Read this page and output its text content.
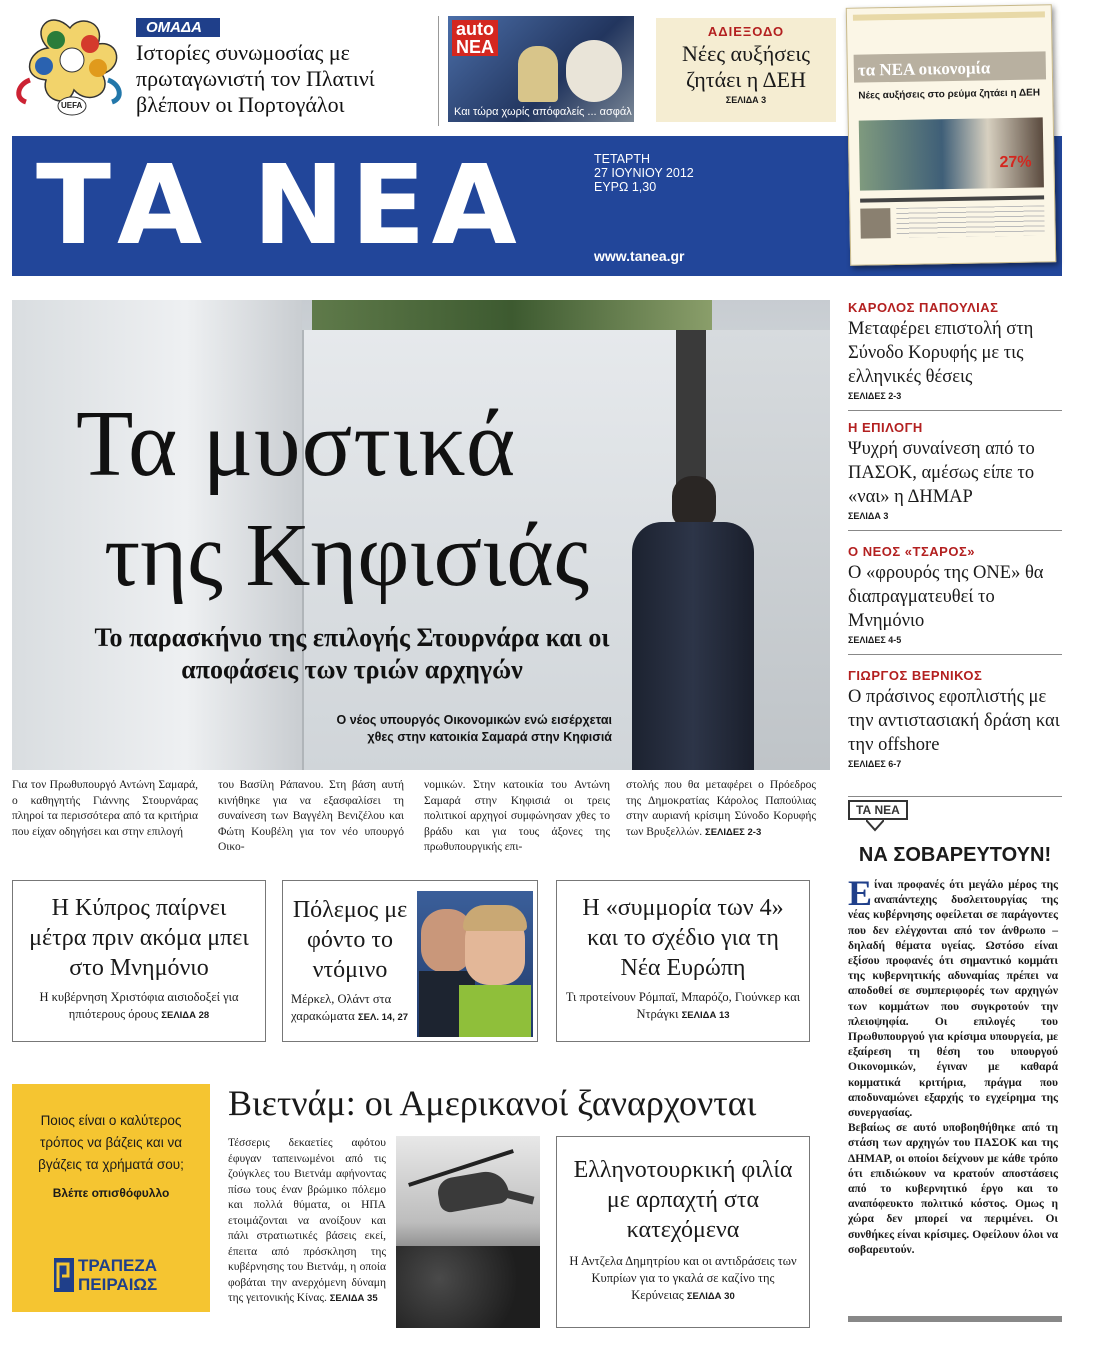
UEFA
ΟΜΑΔΑ
Ιστορίες συνωμοσίας με πρωταγωνιστή τον Πλατινί βλέπουν οι Πορτογάλοι
auto
ΝΕΑ
Και τώρα χωρίς απόφαλείς ... ασφάλ
ΑΔΙΕΞΟΔΟ
Νέες αυξήσεις ζητάει η ΔΕΗ
ΣΕΛΙΔΑ 3
ΤΑ ΝΕΑ	ΤΕΤΑΡΤΗ
27 ΙΟΥΝΙΟΥ 2012
ΕΥΡΩ 1,30
www.tanea.gr
τα ΝΕΑ οικονομία
Νέες αυξήσεις στο ρεύμα ζητάει η ΔΕΗ
27%
Τα μυστικά
της Κηφισιάς
Το παρασκήνιο της επιλογής Στουρνάρα και οι αποφάσεις των τριών αρχηγών
Ο νέος υπουργός Οικονομικών ενώ εισέρχεται χθες στην κατοικία Σαμαρά στην Κηφισιά
ΚΑΡΟΛΟΣ ΠΑΠΟΥΛΙΑΣ
Μεταφέρει επιστολή στη Σύνοδο Κορυφής με τις ελληνικές θέσεις
ΣΕΛΙΔΕΣ 2-3
Η ΕΠΙΛΟΓΗ
Ψυχρή συναίνεση από το ΠΑΣΟΚ, αμέσως είπε το «ναι» η ΔΗΜΑΡ
ΣΕΛΙΔΑ 3
Ο ΝΕΟΣ «ΤΣΑΡΟΣ»
Ο «φρουρός της ΟΝΕ» θα διαπραγματευθεί το Μνημόνιο
ΣΕΛΙΔΕΣ 4-5
ΓΙΩΡΓΟΣ ΒΕΡΝΙΚΟΣ
Ο πράσινος εφοπλιστής με την αντιστασιακή δράση και την offshore
ΣΕΛΙΔΕΣ 6-7
Για τον Πρωθυπουργό Αντώνη Σαμαρά, ο καθηγητής Γιάννης Στουρνάρας πληροί τα περισσότερα από τα κριτήρια που είχαν οδηγήσει και στην επιλογή
του Βασίλη Ράπανου. Στη βάση αυτή κινήθηκε για να εξασφαλίσει τη συναίνεση των Βαγγέλη Βενιζέλου και Φώτη Κουβέλη για τον νέο υπουργό Οικο-
νομικών. Στην κατοικία του Αντώνη Σαμαρά στην Κηφισιά οι τρεις πολιτικοί αρχηγοί συμφώνησαν χθες το βράδυ και για τους άξονες της πρωθυπουργικής επι-
στολής που θα μεταφέρει ο Πρόεδρος της Δημοκρατίας Κάρολος Παπούλιας στην αυριανή κρίσιμη Σύνοδο Κορυφής των Βρυξελλών. ΣΕΛΙΔΕΣ 2-3
Η Κύπρος παίρνει μέτρα πριν ακόμα μπει στο Μνημόνιο
Η κυβέρνηση Χριστόφια αισιοδοξεί για ηπιότερους όρους ΣΕΛΙΔΑ 28
Πόλεμος με φόντο το ντόμινο
Μέρκελ, Ολάντ στα χαρακώματα ΣΕΛ. 14, 27
Η «συμμορία των 4» και το σχέδιο για τη Νέα Ευρώπη
Τι προτείνουν Ρόμπαϊ, Μπαρόζο, Γιούνκερ και Ντράγκι ΣΕΛΙΔΑ 13
Ποιος είναι ο καλύτερος τρόπος να βάζεις και να βγάζεις τα χρήματά σου;
Βλέπε οπισθόφυλλο
ΤΡΑΠΕΖΑ
ΠΕΙΡΑΙΩΣ
Βιετνάμ: οι Αμερικανοί ξαναρχονται
Τέσσερις δεκαετίες αφότου έφυγαν ταπεινωμένοι από τις ζούγκλες του Βιετνάμ αφήνοντας πίσω τους έναν βρώμικο πόλεμο και πολλά θύματα, οι ΗΠΑ ετοιμάζονται να ανοίξουν και πάλι στρατιωτικές βάσεις εκεί, έπειτα από πρόσκληση της κυβέρνησης του Βιετνάμ, η οποία φοβάται την ανερχόμενη δύναμη της γειτονικής Κίνας. ΣΕΛΙΔΑ 35
Ελληνοτουρκική φιλία με αρπαχτή στα κατεχόμενα
Η Αντζελα Δημητρίου και οι αντιδράσεις των Κυπρίων για το γκαλά σε καζίνο της Κερύνειας ΣΕΛΙΔΑ 30
ΤΑ ΝΕΑ
ΝΑ ΣΟΒΑΡΕΥΤΟΥΝ!
Είναι προφανές ότι μεγάλο μέρος της αναπάντεχης δυσλειτουργίας της νέας κυβέρνησης οφείλεται σε παράγοντες που δεν ελέγχονται από τον άνθρωπο – δηλαδή θέματα υγείας. Ωστόσο είναι εξίσου προφανές ότι σημαντικό κομμάτι της κυβερνητικής αδυναμίας πρέπει να αποδοθεί σε συμπεριφορές των αρχηγών των κομμάτων που συγκροτούν την πλειοψηφία. Οι επιλογές του Πρωθυπουργού για κρίσιμα υπουργεία, με εξαίρεση τη θέση του υπουργού Οικονομικών, έγιναν με καθαρά κομματικά κριτήρια, πράγμα που αποδυναμώνει εξαρχής το εγχείρημα της συνεργασίας.
Βεβαίως σε αυτό υποβοηθήθηκε από τη στάση των αρχηγών του ΠΑΣΟΚ και της ΔΗΜΑΡ, οι οποίοι δείχνουν με κάθε τρόπο ότι επιδιώκουν να κρατούν αποστάσεις από το κυβερνητικό έργο και το αναπόφευκτο πολιτικό κόστος. Ομως η χώρα δεν μπορεί να περιμένει. Οι συνθήκες είναι κρίσιμες. Οφείλουν όλοι να σοβαρευτούν.
